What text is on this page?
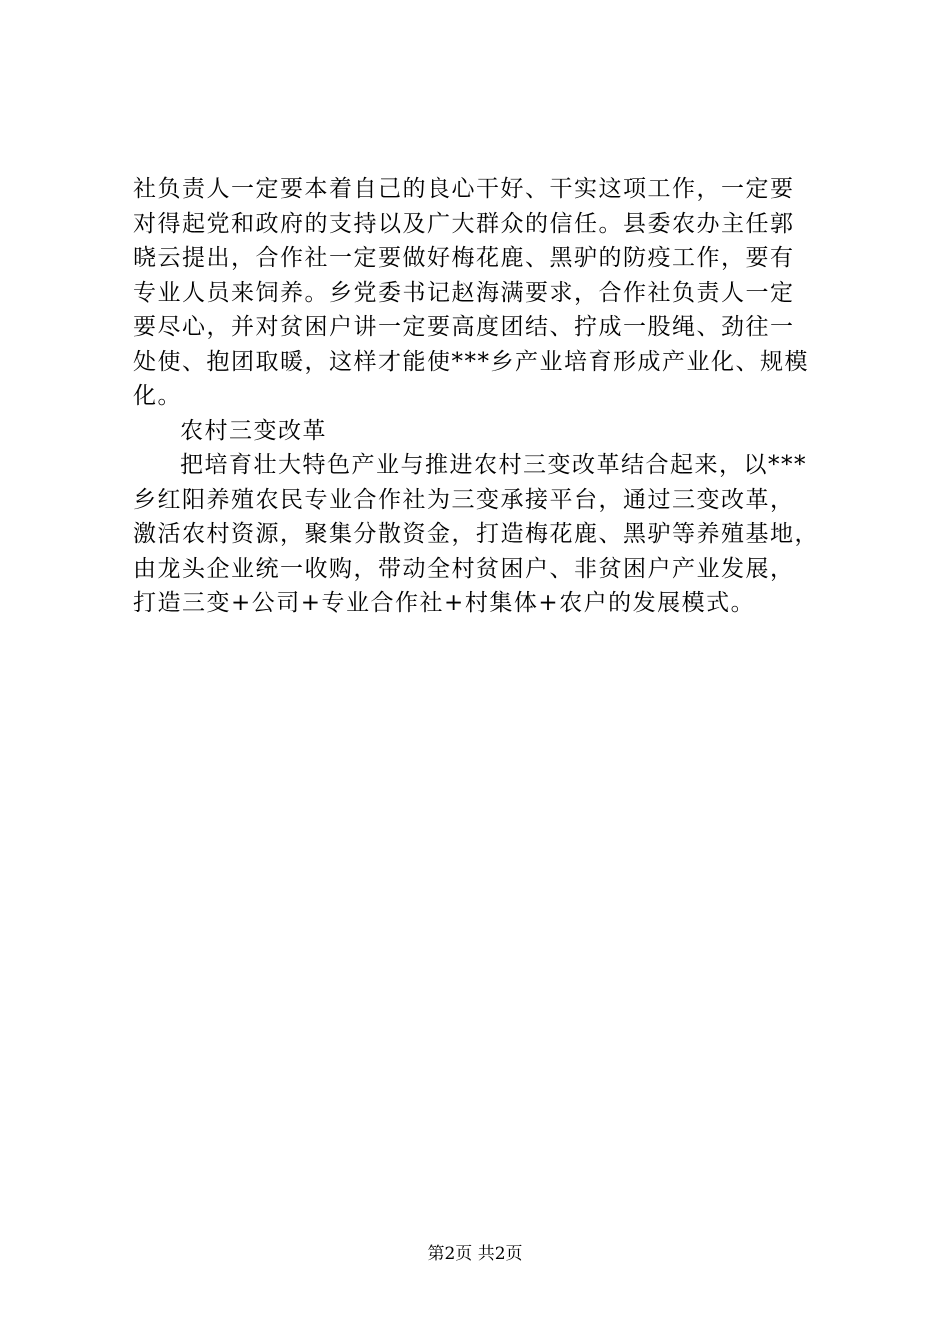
社负责人一定要本着自己的良心干好、干实这项工作，一定要
对得起党和政府的支持以及广大群众的信任。县委农办主任郭
晓云提出，合作社一定要做好梅花鹿、黑驴的防疫工作，要有
专业人员来饲养。乡党委书记赵海满要求，合作社负责人一定
要尽心，并对贫困户讲一定要高度团结、拧成一股绳、劲往一
处使、抱团取暖，这样才能使***乡产业培育形成产业化、规模
化。
农村三变改革
把培育壮大特色产业与推进农村三变改革结合起来，以***
乡红阳养殖农民专业合作社为三变承接平台，通过三变改革，
激活农村资源，聚集分散资金，打造梅花鹿、黑驴等养殖基地，
由龙头企业统一收购，带动全村贫困户、非贫困户产业发展，
打造三变+公司+专业合作社+村集体+农户的发展模式。
第2页 共2页
